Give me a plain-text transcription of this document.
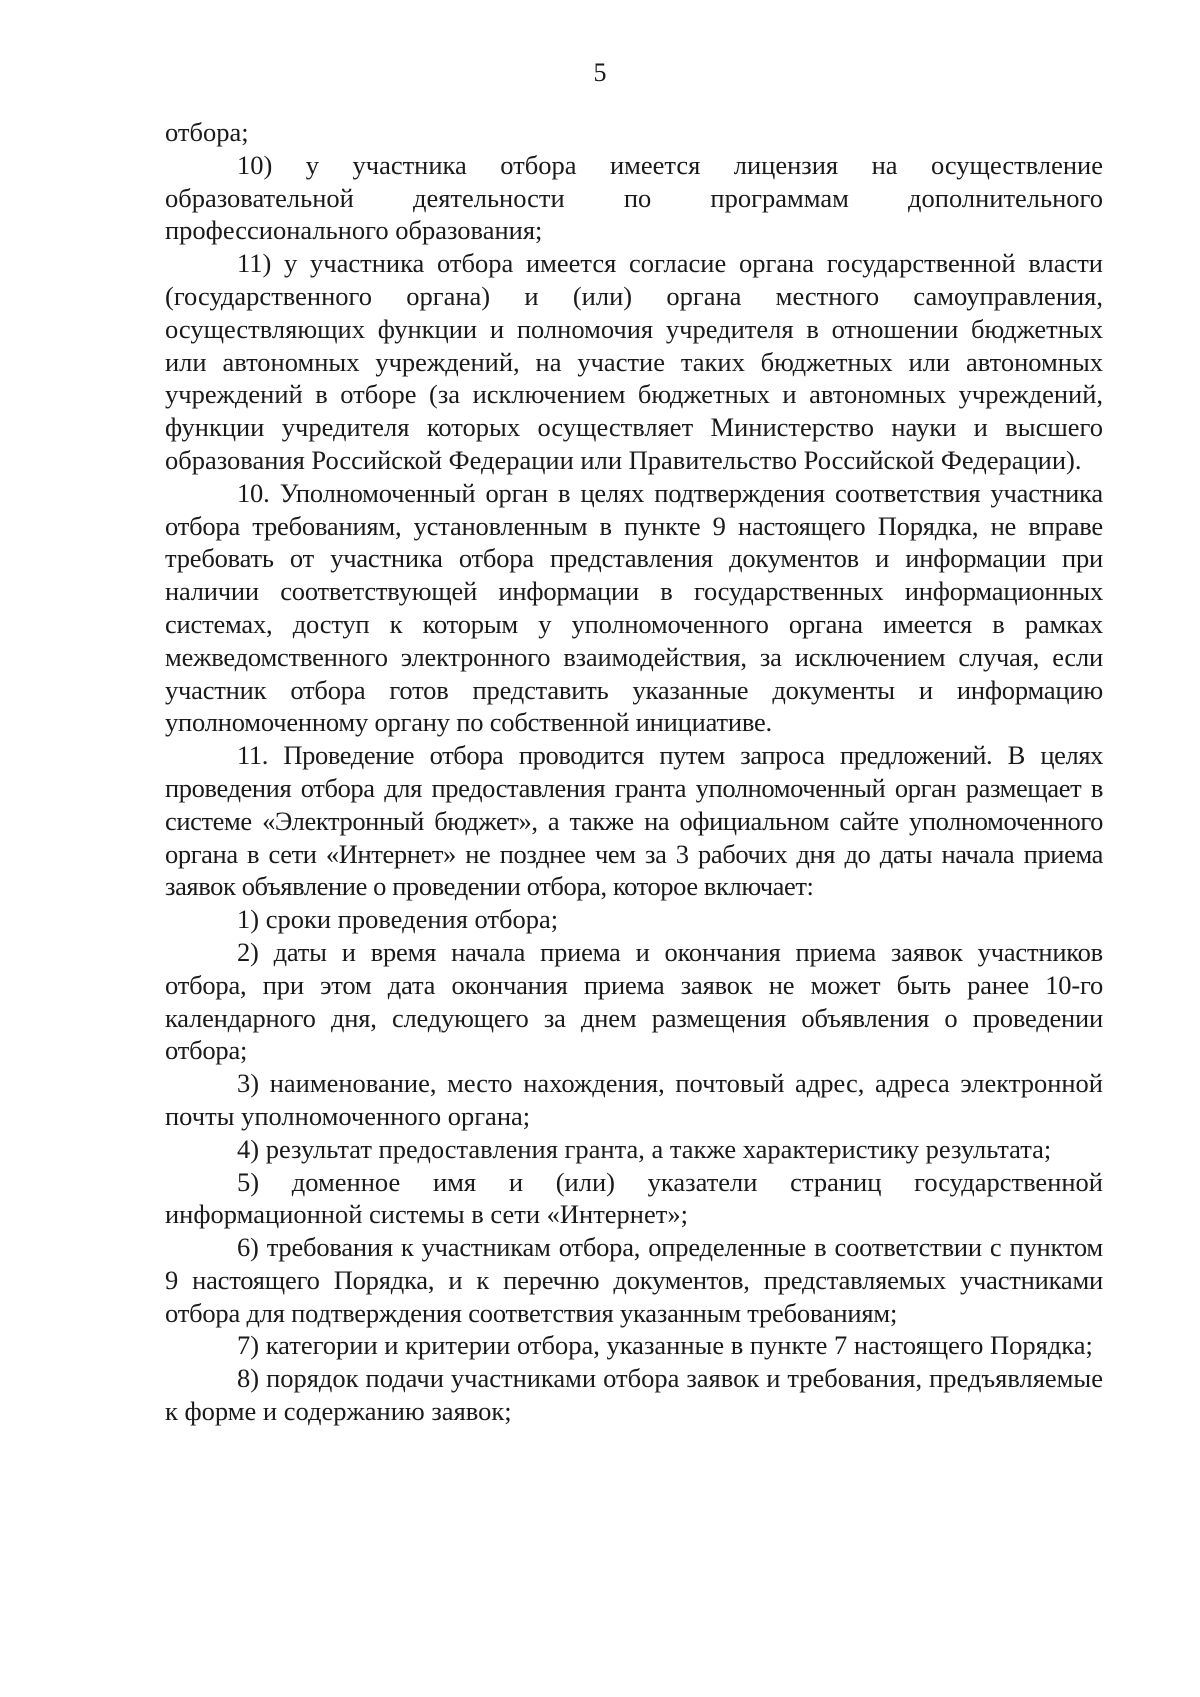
5

отбора;

10) у участника отбора имеется лицензия на осуществление образовательной деятельности по программам дополнительного профессионального образования;

11) у участника отбора имеется согласие органа государственной власти (государственного органа) и (или) органа местного самоуправления, осуществляющих функции и полномочия учредителя в отношении бюджетных или автономных учреждений, на участие таких бюджетных или автономных учреждений в отборе (за исключением бюджетных и автономных учреждений, функции учредителя которых осуществляет Министерство науки и высшего образования Российской Федерации или Правительство Российской Федерации).

10. Уполномоченный орган в целях подтверждения соответствия участника отбора требованиям, установленным в пункте 9 настоящего Порядка, не вправе требовать от участника отбора представления документов и информации при наличии соответствующей информации в государственных информационных системах, доступ к которым у уполномоченного органа имеется в рамках межведомственного электронного взаимодействия, за исключением случая, если участник отбора готов представить указанные документы и информацию уполномоченному органу по собственной инициативе.

11. Проведение отбора проводится путем запроса предложений. В целях проведения отбора для предоставления гранта уполномоченный орган размещает в системе «Электронный бюджет», а также на официальном сайте уполномоченного органа в сети «Интернет» не позднее чем за 3 рабочих дня до даты начала приема заявок объявление о проведении отбора, которое включает:

1) сроки проведения отбора;

2) даты и время начала приема и окончания приема заявок участников отбора, при этом дата окончания приема заявок не может быть ранее 10-го календарного дня, следующего за днем размещения объявления о проведении отбора;

3) наименование, место нахождения, почтовый адрес, адреса электронной почты уполномоченного органа;

4) результат предоставления гранта, а также характеристику результата;

5) доменное имя и (или) указатели страниц государственной информационной системы в сети «Интернет»;

6) требования к участникам отбора, определенные в соответствии с пунктом 9 настоящего Порядка, и к перечню документов, представляемых участниками отбора для подтверждения соответствия указанным требованиям;

7) категории и критерии отбора, указанные в пункте 7 настоящего Порядка;

8) порядок подачи участниками отбора заявок и требования, предъявляемые к форме и содержанию заявок;
